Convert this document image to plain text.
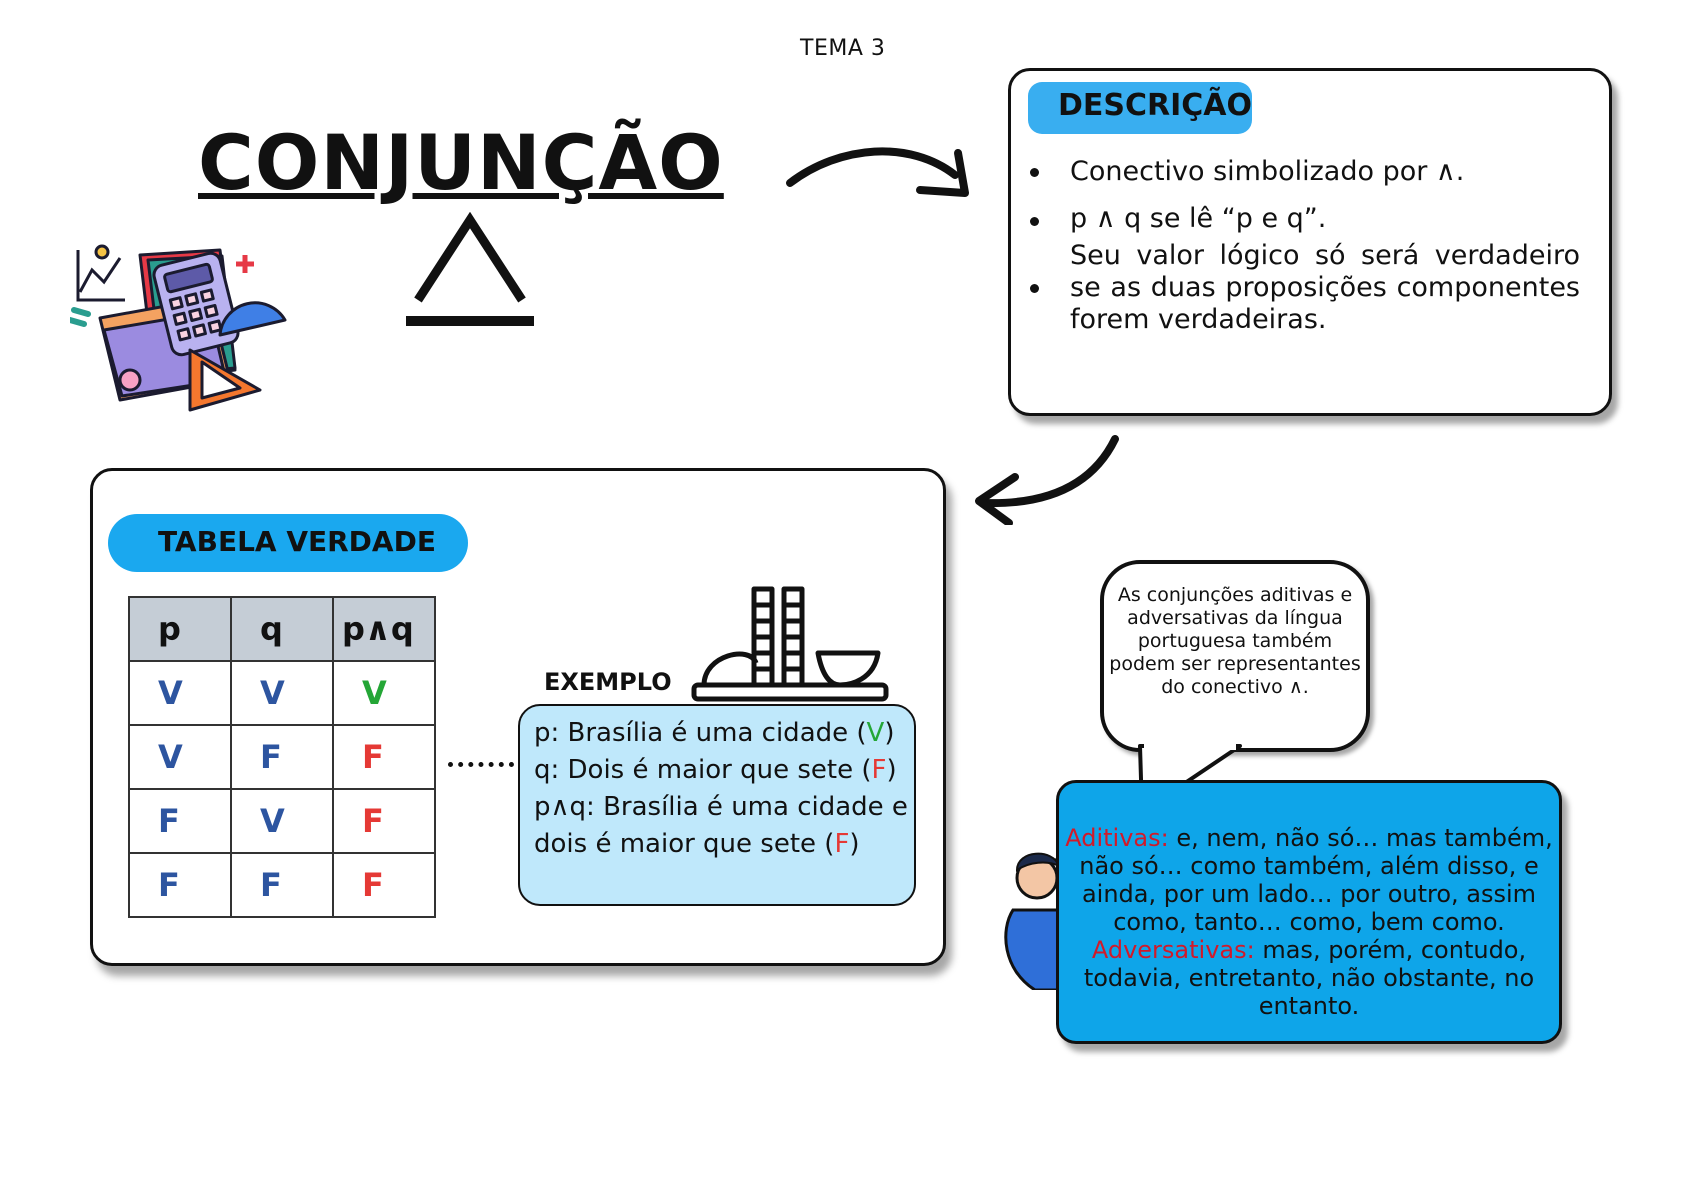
TEMA 3
CONJUNÇÃO
DESCRIÇÃO
Conectivo simbolizado por ∧.
p ∧ q se lê “p e q”.
Seu valor lógico só será verdadeiro se as duas proposições componentes forem verdadeiras.
TABELA VERDADE
p	q	p∧q
V	V	V
V	F	F
F	V	F
F	F	F
EXEMPLO
p: Brasília é uma cidade (V)
q: Dois é maior que sete (F)
p∧q: Brasília é uma cidade e
dois é maior que sete (F)
As conjunções aditivas e adversativas da língua portuguesa também podem ser representantes do conectivo ∧.
Aditivas: e, nem, não só… mas também, não só… como também, além disso, e ainda, por um lado… por outro, assim como, tanto… como, bem como.
Adversativas: mas, porém, contudo, todavia, entretanto, não obstante, no entanto.
